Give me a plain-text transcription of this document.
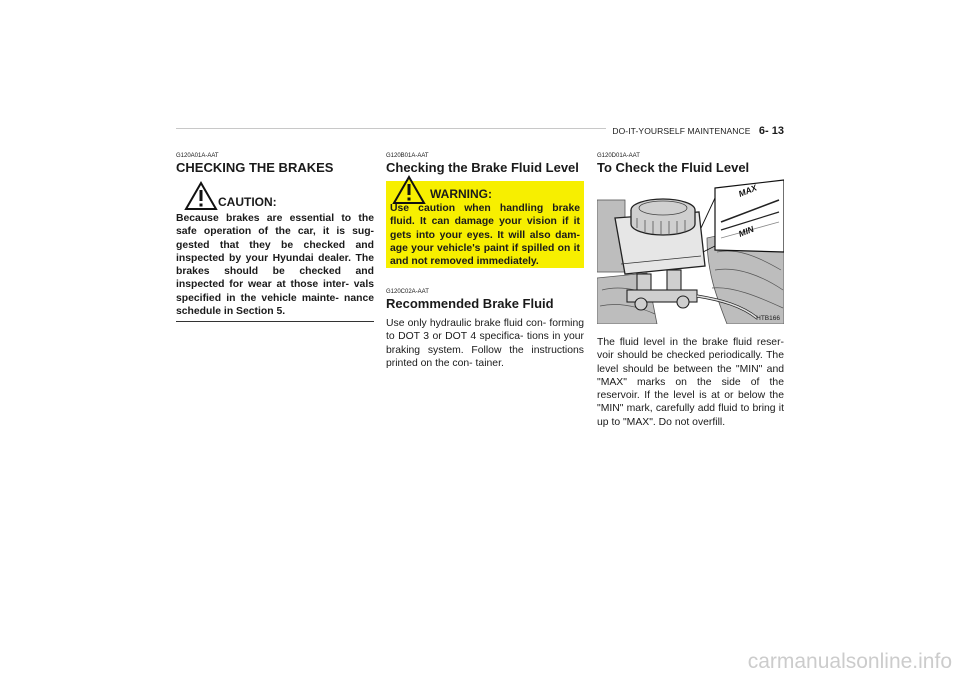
DO-IT-YOURSELF MAINTENANCE 6- 13
G120A01A-AAT
CHECKING THE BRAKES
CAUTION:
Because brakes are essential to the safe operation of the car, it is sug- gested that they be checked and inspected by your Hyundai dealer. The brakes should be checked and inspected for wear at those inter- vals specified in the vehicle mainte- nance schedule in Section 5.
G120B01A-AAT
Checking the Brake Fluid Level
WARNING:
Use caution when handling brake fluid. It can damage your vision if it gets into your eyes. It will also dam- age your vehicle's paint if spilled on it and not removed immediately.
G120C02A-AAT
Recommended Brake Fluid

Use only hydraulic brake fluid con- forming to DOT 3 or DOT 4 specifica- tions in your braking system. Follow the instructions printed on the con- tainer.

G120D01A-AAT
To Check the Fluid Level
MAX
MIN
HTB166

The fluid level in the brake fluid reser- voir should be checked periodically. The level should be between the "MIN" and "MAX" marks on the side of the reservoir. If the level is at or below the "MIN" mark, carefully add fluid to bring it up to "MAX". Do not overfill.

carmanualsonline.info
